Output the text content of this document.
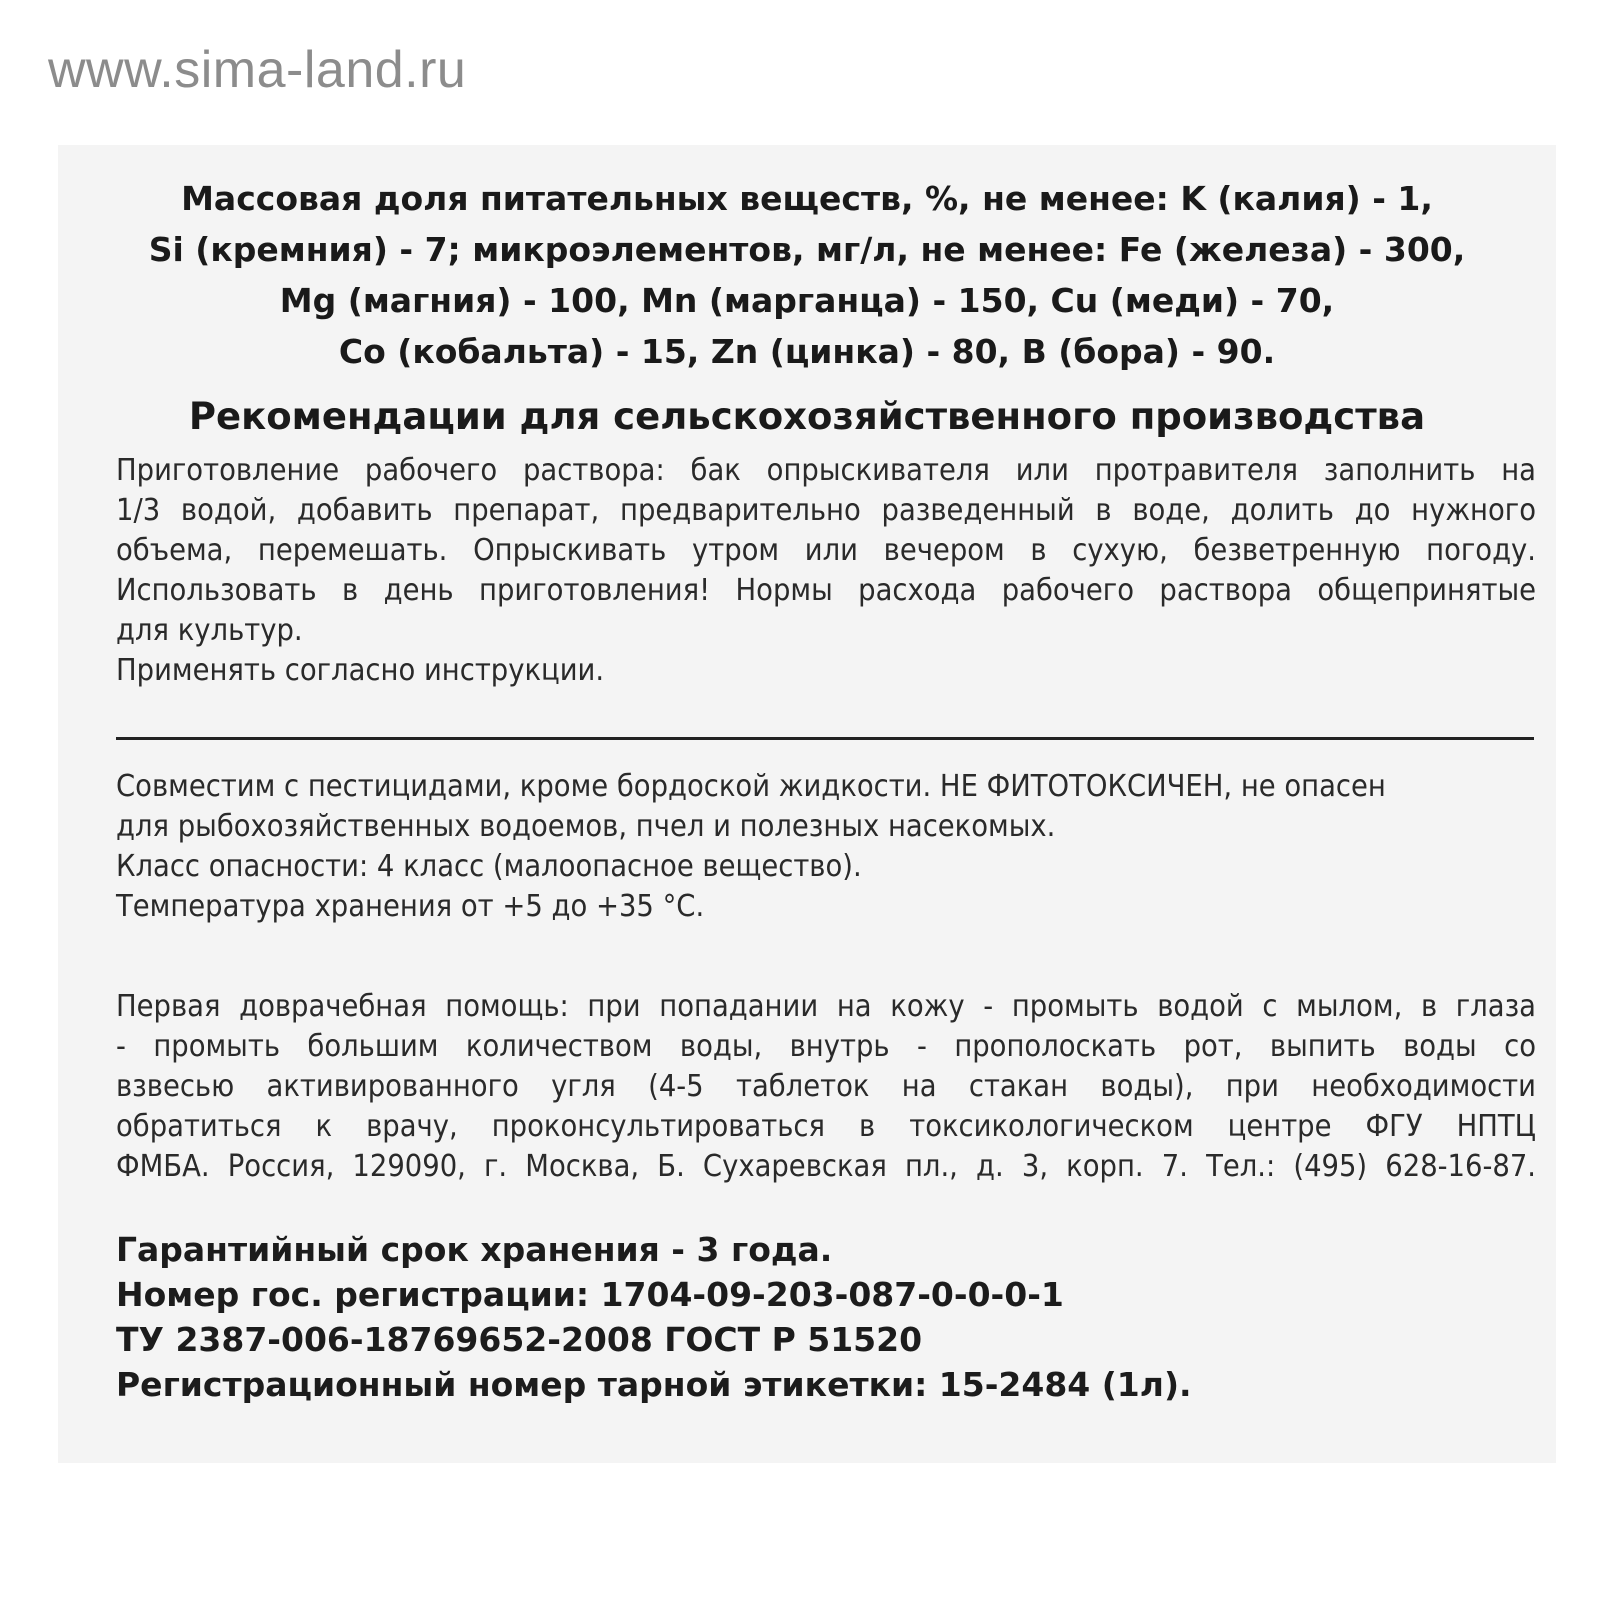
www.sima-land.ru
Массовая доля питательных веществ, %, не менее: K (калия) - 1,
Si (кремния) - 7; микроэлементов, мг/л, не менее: Fe (железа) - 300,
Mg (магния) - 100, Mn (марганца) - 150, Cu (меди) - 70,
Co (кобальта) - 15, Zn (цинка) - 80, B (бора) - 90.
Рекомендации для сельскохозяйственного производства
Приготовление рабочего раствора: бак опрыскивателя или протравителя заполнить на
1/3 водой, добавить препарат, предварительно разведенный в воде, долить до нужного
объема, перемешать. Опрыскивать утром или вечером в сухую, безветренную погоду.
Использовать в день приготовления! Нормы расхода рабочего раствора общепринятые
для культур.
Применять согласно инструкции.
Совместим с пестицидами, кроме бордоской жидкости. НЕ ФИТОТОКСИЧЕН, не опасен
для рыбохозяйственных водоемов, пчел и полезных насекомых.
Класс опасности: 4 класс (малоопасное вещество).
Температура хранения от +5 до +35 °С.
Первая доврачебная помощь: при попадании на кожу - промыть водой с мылом, в глаза
- промыть большим количеством воды, внутрь - прополоскать рот, выпить воды со
взвесью активированного угля (4-5 таблеток на стакан воды), при необходимости
обратиться к врачу, проконсультироваться в токсикологическом центре ФГУ НПТЦ
ФМБА. Россия, 129090, г. Москва, Б. Сухаревская пл., д. 3, корп. 7. Тел.: (495) 628-16-87.
Гарантийный срок хранения - 3 года.
Номер гос. регистрации: 1704-09-203-087-0-0-0-1
ТУ 2387-006-18769652-2008 ГОСТ Р 51520
Регистрационный номер тарной этикетки: 15-2484 (1л).
